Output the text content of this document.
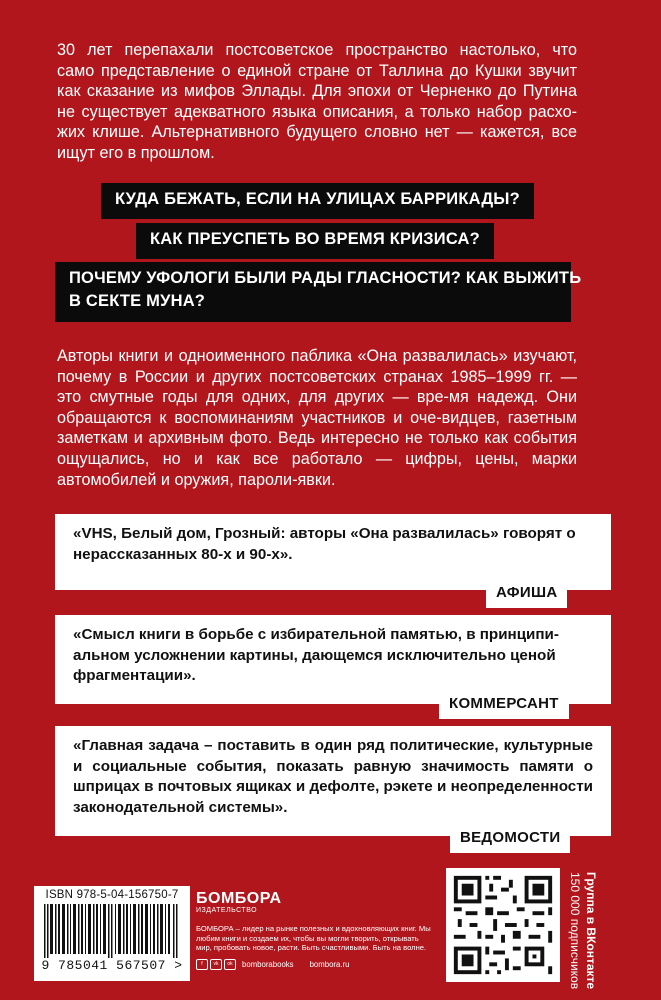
30 лет перепахали постсоветское пространство настолько, что
само представление о единой стране от Таллина до Кушки звучит
как сказание из мифов Эллады. Для эпохи от Черненко до Путина
не существует адекватного языка описания, а только набор расхо-
жих клише. Альтернативного будущего словно нет — кажется, все
ищут его в прошлом.
КУДА БЕЖАТЬ, ЕСЛИ НА УЛИЦАХ БАРРИКАДЫ?
КАК ПРЕУСПЕТЬ ВО ВРЕМЯ КРИЗИСА?
ПОЧЕМУ УФОЛОГИ БЫЛИ РАДЫ ГЛАСНОСТИ? КАК ВЫЖИТЬ
В СЕКТЕ МУНА?
Авторы книги и одноименного паблика «Она развалилась» изучают, почему в России и других постсоветских странах 1985–1999 гг. — это смутные годы для одних, для других — вре-мя надежд. Они обращаются к воспоминаниям участников и оче-видцев, газетным заметкам и архивным фото. Ведь интересно не только как события ощущались, но и как все работало — цифры, цены, марки автомобилей и оружия, пароли-явки.
«VHS, Белый дом, Грозный: авторы «Она развалилась» говорят о нерассказанных 80-х и 90-х».
АФИША
«Смысл книги в борьбе с избирательной памятью, в принципи-альном усложнении картины, дающемся исключительно ценой фрагментации».
КОММЕРСАНТ
«Главная задача – поставить в один ряд политические, культурные и социальные события, показать равную значимость памяти о шприцах в почтовых ящиках и дефолте, рэкете и неопределенности законодательной системы».
ВЕДОМОСТИ
ISBN 978-5-04-156750-7
9 785041 567507 >
БОМБОРА
ИЗДАТЕЛЬСТВО
БОМБОРА – лидер на рынке полезных и вдохновляющих книг. Мы любим книги и создаем их, чтобы вы могли творить, открывать мир, пробовать новое, расти. Быть счастливыми. Быть на волне.
f	vk	ok	bomborabooks bombora.ru	Группа в ВКонтакте
150 000 подписчиков
